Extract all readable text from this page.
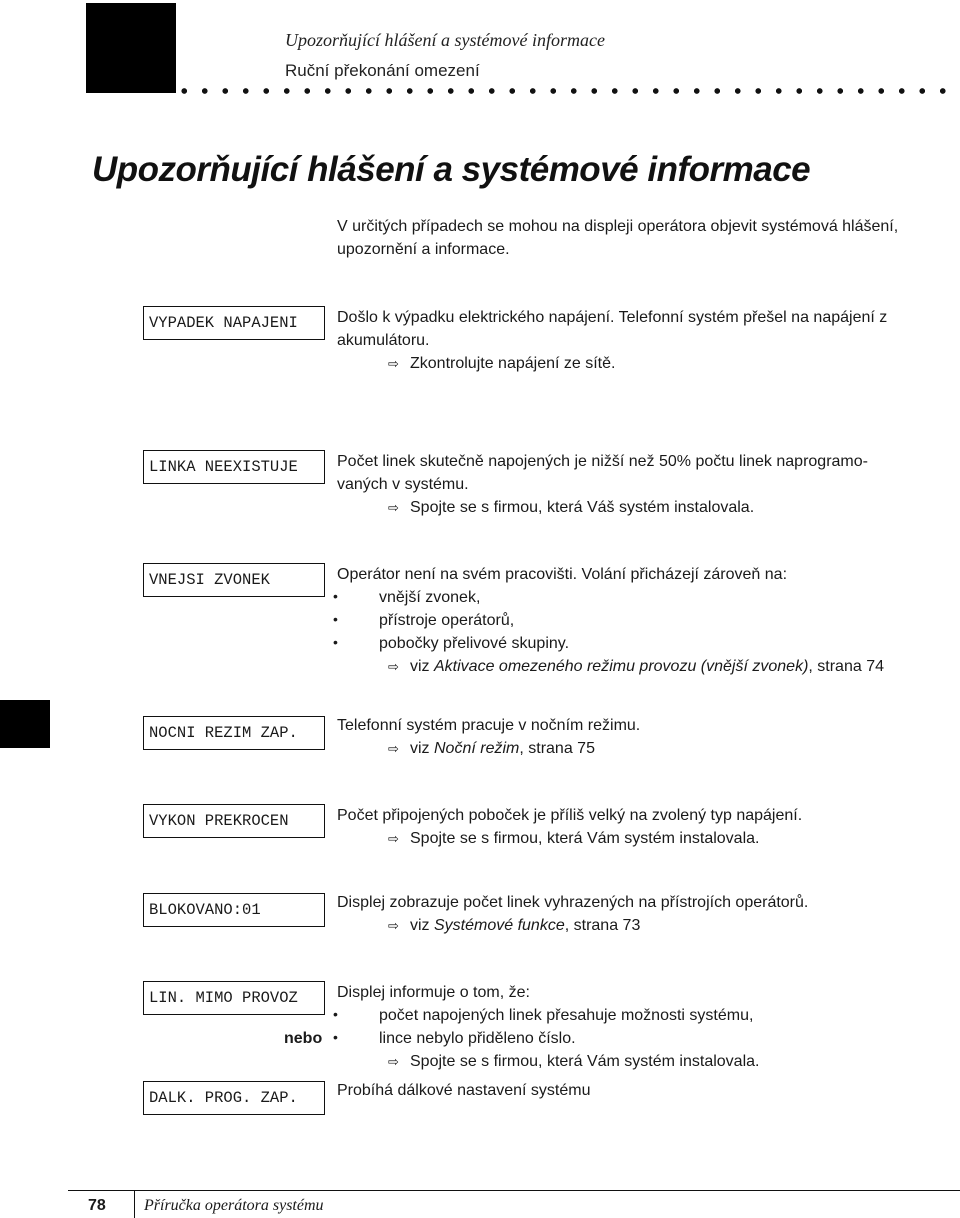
Upozorňující hlášení a systémové informace
Ruční překonání omezení
Upozorňující hlášení a systémové informace

V určitých případech se mohou na displeji operátora objevit systémová hlášení,

upozornění a informace.

VYPADEK NAPAJENI	Došlo k výpadku elektrického napájení. Telefonní systém přešel na napájení z

akumulátoru.

⇨ Zkontrolujte napájení ze sítě.

LINKA NEEXISTUJE	Počet linek skutečně napojených je nižší než 50% počtu linek naprogramo-

vaných v systému.

⇨ Spojte se s firmou, která Váš systém instalovala.

VNEJSI ZVONEK	Operátor není na svém pracovišti. Volání přicházejí zároveň na:

•
vnější zvonek,

•
přístroje operátorů,

•
pobočky přelivové skupiny.

⇨ viz Aktivace omezeného režimu provozu (vnější zvonek), strana 74

NOCNI REZIM ZAP.	Telefonní systém pracuje v nočním režimu.

⇨ viz Noční režim, strana 75

VYKON PREKROCEN	Počet připojených poboček je příliš velký na zvolený typ napájení.

⇨ Spojte se s firmou, která Vám systém instalovala.

BLOKOVANO:01	Displej zobrazuje počet linek vyhrazených na přístrojích operátorů.

⇨ viz Systémové funkce, strana 73

LIN. MIMO PROVOZ	Displej informuje o tom, že:

•
počet napojených linek přesahuje možnosti systému,

nebo
•	lince nebylo přiděleno číslo.

⇨ Spojte se s firmou, která Vám systém instalovala.

DALK. PROG. ZAP.	Probíhá dálkové nastavení systému

78 Příručka operátora systému
